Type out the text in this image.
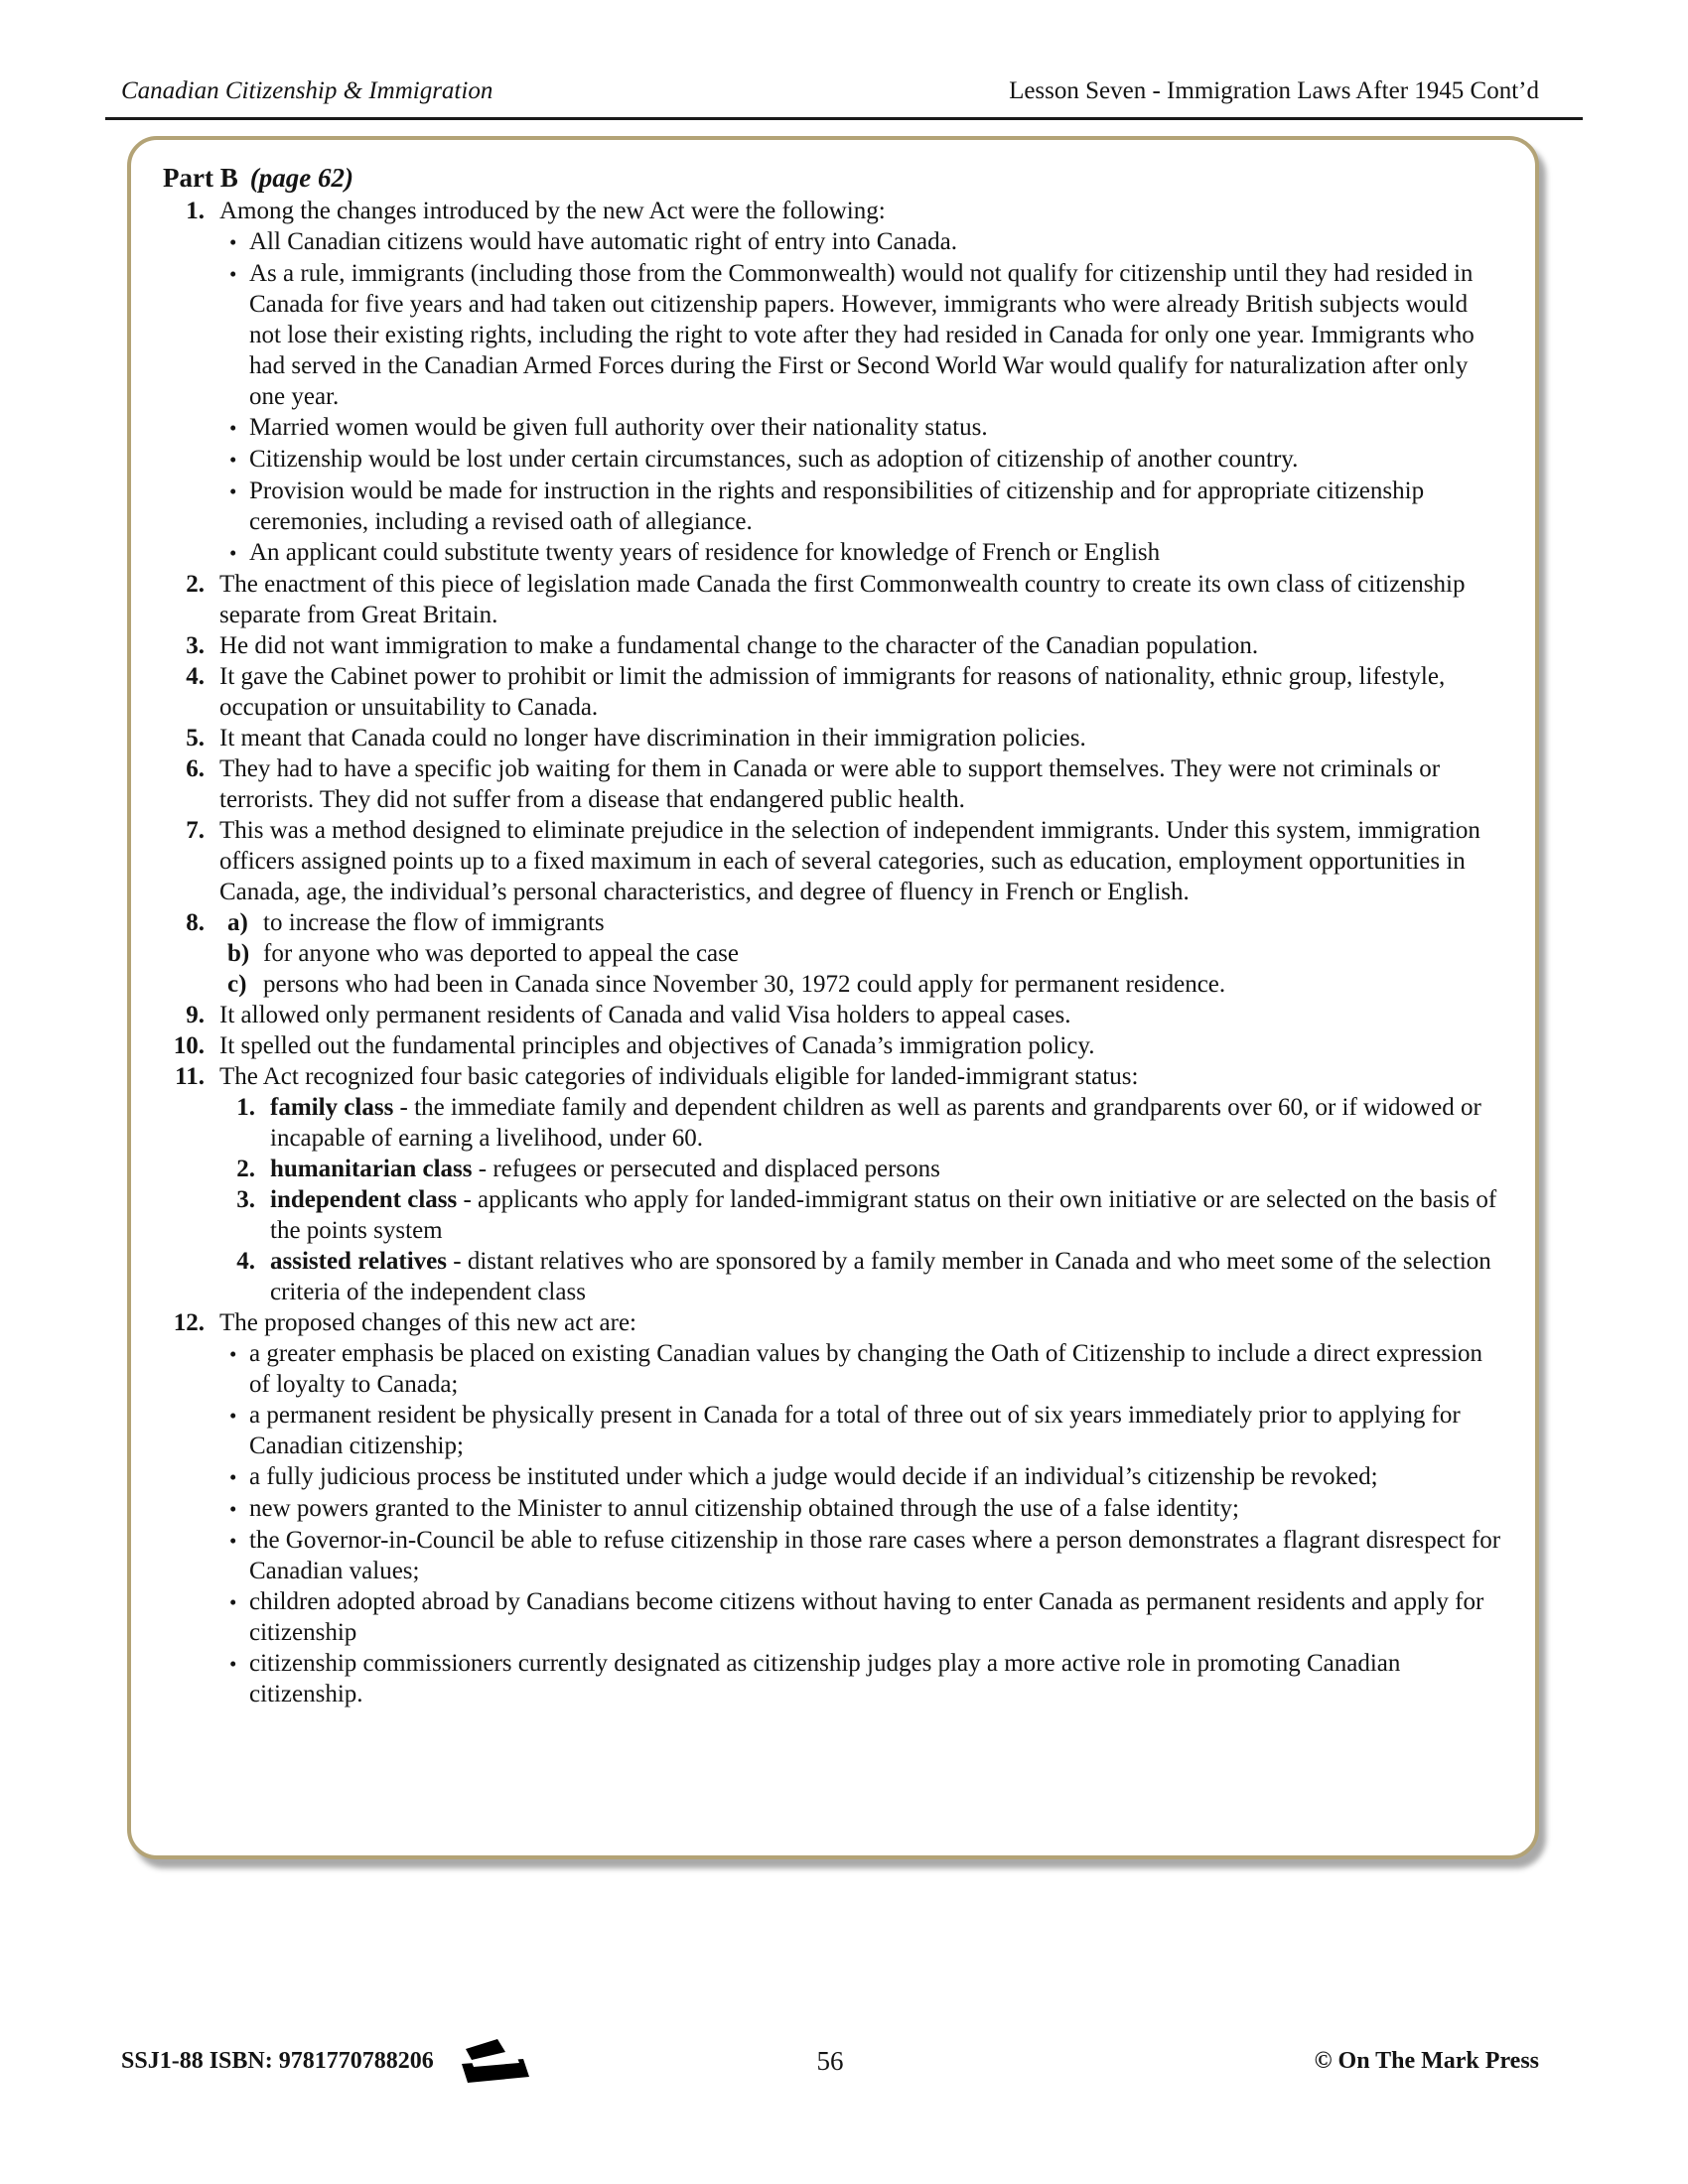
Canadian Citizenship & Immigration	Lesson Seven - Immigration Laws After 1945 Cont’d
Part B (page 62)
1. Among the changes introduced by the new Act were the following:
•
All Canadian citizens would have automatic right of entry into Canada.
•
As a rule, immigrants (including those from the Commonwealth) would not qualify for citizenship until they had resided in Canada for five years and had taken out citizenship papers. However, immigrants who were already British subjects would not lose their existing rights, including the right to vote after they had resided in Canada for only one year. Immigrants who had served in the Canadian Armed Forces during the First or Second World War would qualify for naturalization after only one year.
•
Married women would be given full authority over their nationality status.
•
Citizenship would be lost under certain circumstances, such as adoption of citizenship of another country.
•
Provision would be made for instruction in the rights and responsibilities of citizenship and for appropriate citizenship ceremonies, including a revised oath of allegiance.
•
An applicant could substitute twenty years of residence for knowledge of French or English
2. The enactment of this piece of legislation made Canada the first Commonwealth country to create its own class of citizenship separate from Great Britain.
3. He did not want immigration to make a fundamental change to the character of the Canadian population.
4. It gave the Cabinet power to prohibit or limit the admission of immigrants for reasons of nationality, ethnic group, lifestyle, occupation or unsuitability to Canada.
5. It meant that Canada could no longer have discrimination in their immigration policies.
6. They had to have a specific job waiting for them in Canada or were able to support themselves. They were not criminals or terrorists. They did not suffer from a disease that endangered public health.
7. This was a method designed to eliminate prejudice in the selection of independent immigrants. Under this system, immigration officers assigned points up to a fixed maximum in each of several categories, such as education, employment opportunities in Canada, age, the individual’s personal characteristics, and degree of fluency in French or English.
8. a) to increase the flow of immigrants
b) for anyone who was deported to appeal the case
c) persons who had been in Canada since November 30, 1972 could apply for permanent residence.
9. It allowed only permanent residents of Canada and valid Visa holders to appeal cases.
10. It spelled out the fundamental principles and objectives of Canada’s immigration policy.
11. The Act recognized four basic categories of individuals eligible for landed-immigrant status:
1. family class - the immediate family and dependent children as well as parents and grandparents over 60, or if widowed or incapable of earning a livelihood, under 60.
2. humanitarian class - refugees or persecuted and displaced persons
3. independent class - applicants who apply for landed-immigrant status on their own initiative or are selected on the basis of the points system
4. assisted relatives - distant relatives who are sponsored by a family member in Canada and who meet some of the selection criteria of the independent class
12. The proposed changes of this new act are:
•
a greater emphasis be placed on existing Canadian values by changing the Oath of Citizenship to include a direct expression of loyalty to Canada;
•
a permanent resident be physically present in Canada for a total of three out of six years immediately prior to applying for Canadian citizenship;
•
a fully judicious process be instituted under which a judge would decide if an individual’s citizenship be revoked;
•
new powers granted to the Minister to annul citizenship obtained through the use of a false identity;
•
the Governor-in-Council be able to refuse citizenship in those rare cases where a person demonstrates a flagrant disrespect for Canadian values;
•
children adopted abroad by Canadians become citizens without having to enter Canada as permanent residents and apply for citizenship
•
citizenship commissioners currently designated as citizenship judges play a more active role in promoting Canadian citizenship.
SSJ1-88 ISBN: 9781770788206	56	© On The Mark Press
